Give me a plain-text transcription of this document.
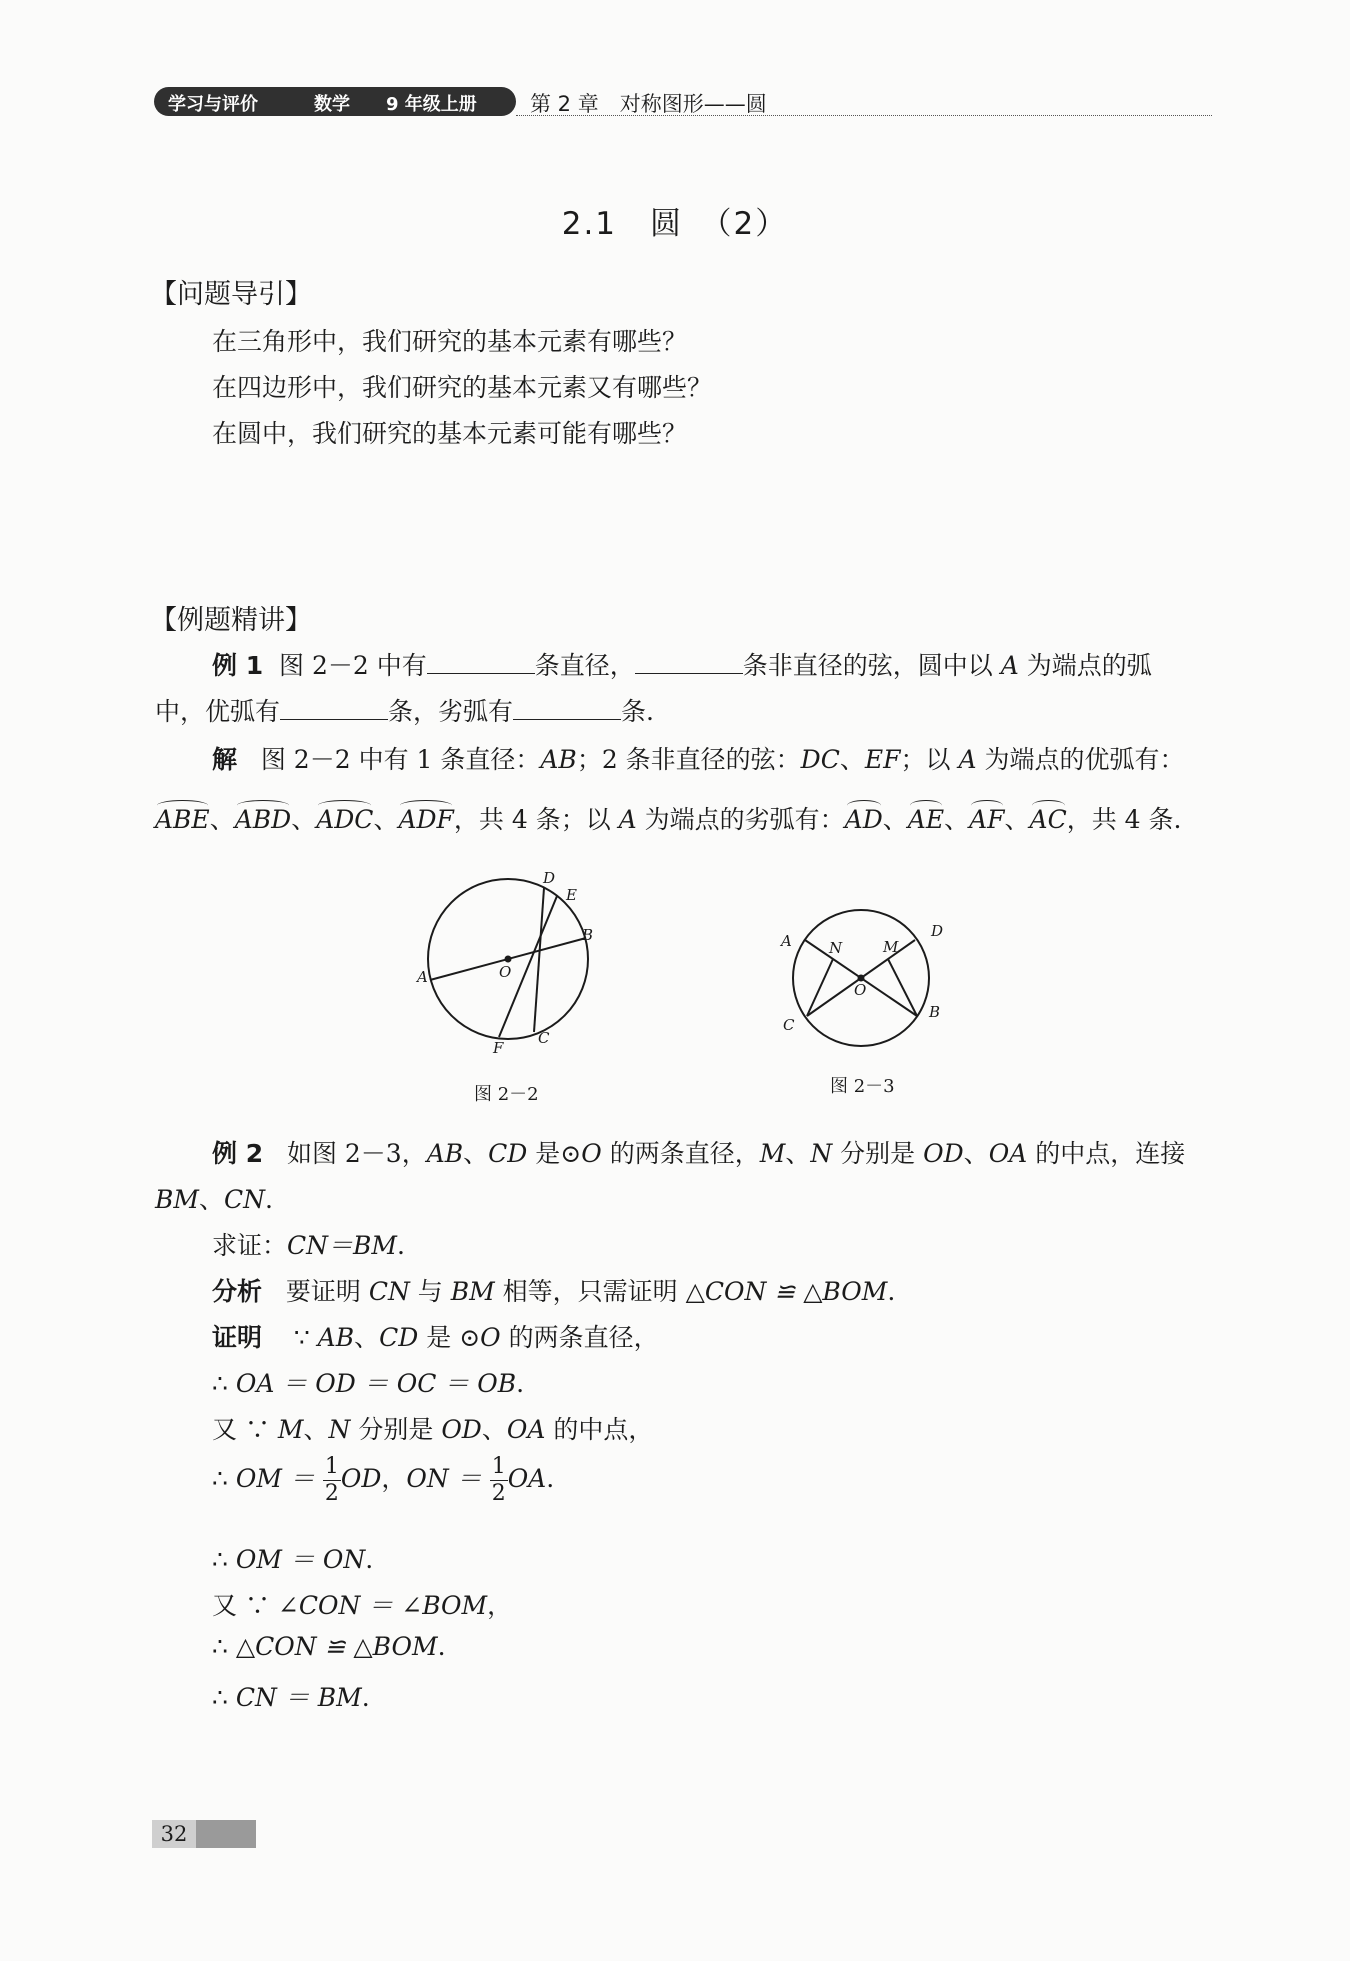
学习与评价	数学 9 年级上册	第 2 章　对称图形——圆
2.1　圆　（2）
【问题导引】
在三角形中，我们研究的基本元素有哪些？
在四边形中，我们研究的基本元素又有哪些？
在圆中，我们研究的基本元素可能有哪些？
【例题精讲】
例 1 图 2－2 中有	条直径，	条非直径的弦，圆中以 A 为端点的弧
中，优弧有	条，劣弧有	条.
解 图 2－2 中有 1 条直径：AB；2 条非直径的弦：DC、EF；以 A 为端点的优弧有：
ABE、ABD、ADC、ADF，共 4 条；以 A 为端点的劣弧有：AD、AE、AF、AC，共 4 条.
A
B
C
D
E
F
O
图 2－2
A
B
C
D
M
N
O
图 2－3
例 2 如图 2－3，AB、CD 是⊙O 的两条直径，M、N 分别是 OD、OA 的中点，连接
BM、CN.
求证：CN＝BM.
分析 要证明 CN 与 BM 相等，只需证明 △CON ≌ △BOM.
证明 ∵ AB、CD 是 ⊙O 的两条直径，
∴ OA ＝ OD ＝ OC ＝ OB.
又 ∵ M、N 分别是 OD、OA 的中点，
∴ OM ＝ $\frac{1}{2}$ OD，ON ＝ $\frac{1}{2}$ OA.
∴ OM ＝ ON.
又 ∵ ∠CON ＝ ∠BOM，
∴ △CON ≌ △BOM.
∴ CN ＝ BM.
32
